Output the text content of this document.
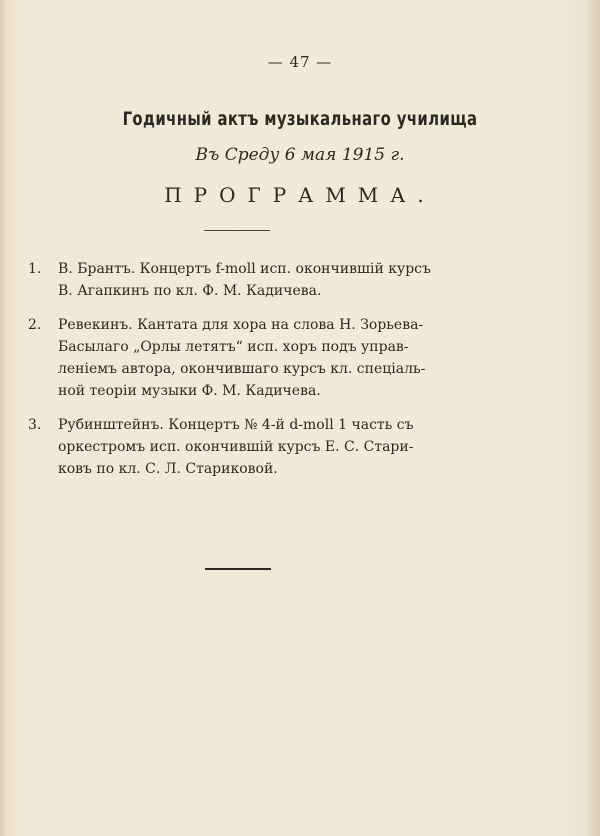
— 47 —
Годичный актъ музыкальнаго училища
Въ Среду 6 мая 1915 г.
ПРОГРАММА.
1. В. Брантъ. Концертъ f-moll исп. окончившій курсъ
В. Агапкинъ по кл. Ф. М. Кадичева.
2. Ревекинъ. Кантата для хора на слова Н. Зорьева-
Басылаго „Орлы летятъ“ исп. хоръ подъ управ-
леніемъ автора, окончившаго курсъ кл. спеціаль-
ной теоріи музыки Ф. М. Кадичева.
3. Рубинштейнъ. Концертъ № 4-й d-moll 1 часть съ
оркестромъ исп. окончившій курсъ Е. С. Стари-
ковъ по кл. С. Л. Стариковой.
